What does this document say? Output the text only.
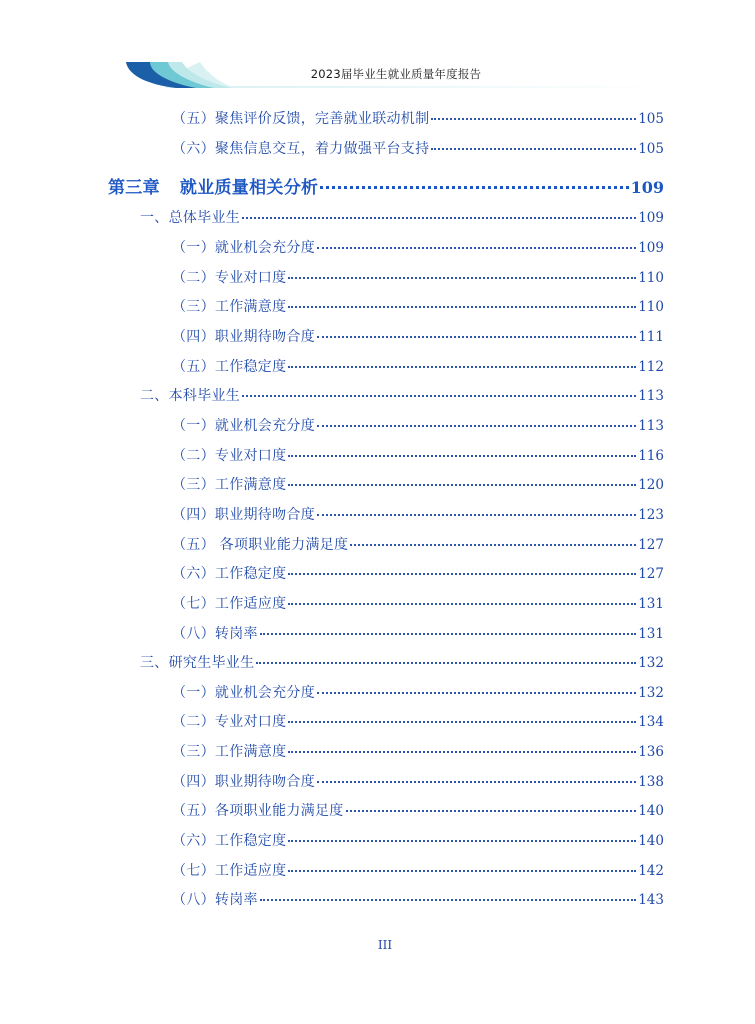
2023届毕业生就业质量年度报告
（五）聚焦评价反馈，完善就业联动机制	105
（六）聚焦信息交互，着力做强平台支持	105
第三章 就业质量相关分析	109
一、总体毕业生	109
（一）就业机会充分度	109
（二）专业对口度	110
（三）工作满意度	110
（四）职业期待吻合度	111
（五）工作稳定度	112
二、本科毕业生	113
（一）就业机会充分度	113
（二）专业对口度	116
（三）工作满意度	120
（四）职业期待吻合度	123
（五） 各项职业能力满足度	127
（六）工作稳定度	127
（七）工作适应度	131
（八）转岗率	131
三、研究生毕业生	132
（一）就业机会充分度	132
（二）专业对口度	134
（三）工作满意度	136
（四）职业期待吻合度	138
（五）各项职业能力满足度	140
（六）工作稳定度	140
（七）工作适应度	142
（八）转岗率	143
III
